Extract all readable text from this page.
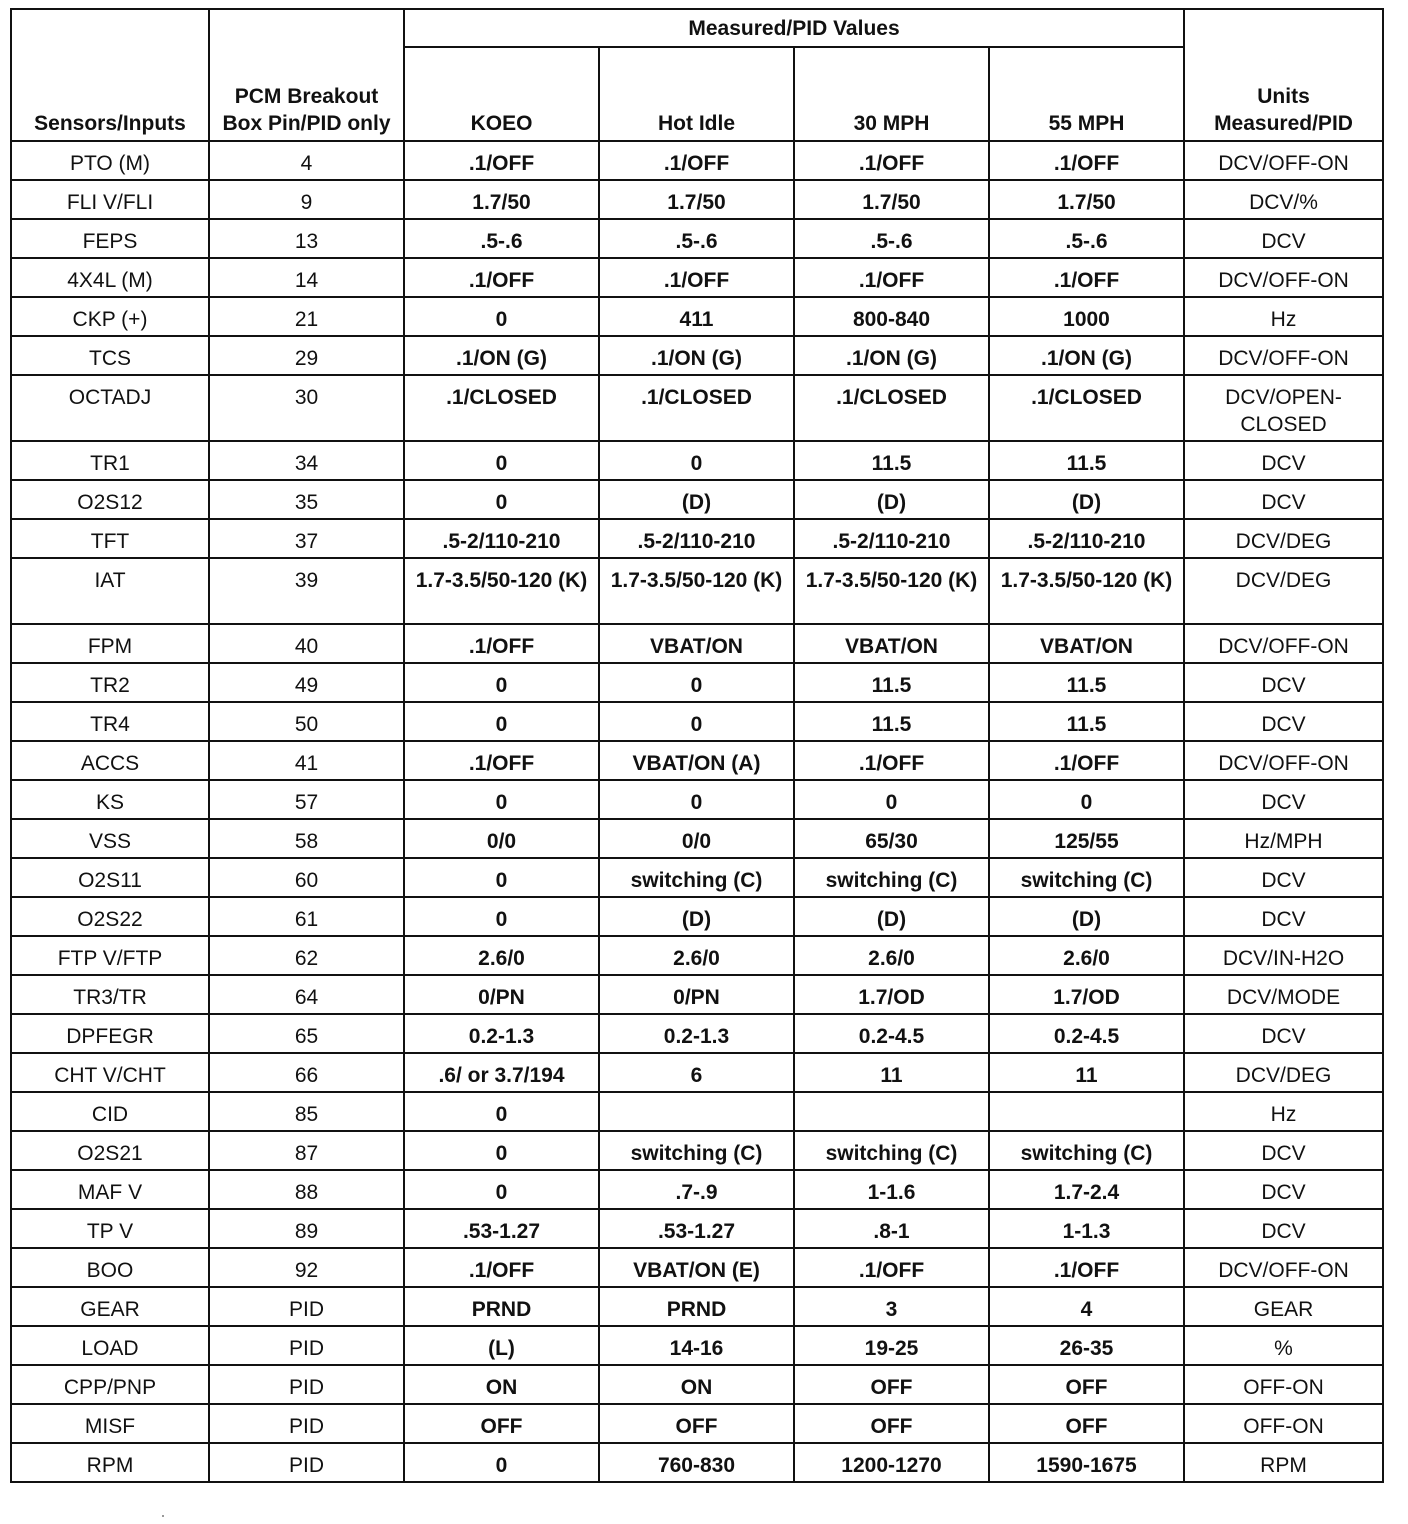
Sensors/Inputs	PCM Breakout Box Pin/PID only	Measured/PID Values				Units Measured/PID
		KOEO	Hot Idle	30 MPH	55 MPH	
PTO (M)	4	.1/OFF	.1/OFF	.1/OFF	.1/OFF	DCV/OFF-ON
FLI V/FLI	9	1.7/50	1.7/50	1.7/50	1.7/50	DCV/%
FEPS	13	.5-.6	.5-.6	.5-.6	.5-.6	DCV
4X4L (M)	14	.1/OFF	.1/OFF	.1/OFF	.1/OFF	DCV/OFF-ON
CKP (+)	21	0	411	800-840	1000	Hz
TCS	29	.1/ON (G)	.1/ON (G)	.1/ON (G)	.1/ON (G)	DCV/OFF-ON
OCTADJ	30	.1/CLOSED	.1/CLOSED	.1/CLOSED	.1/CLOSED	DCV/OPEN-CLOSED
TR1	34	0	0	11.5	11.5	DCV
O2S12	35	0	(D)	(D)	(D)	DCV
TFT	37	.5-2/110-210	.5-2/110-210	.5-2/110-210	.5-2/110-210	DCV/DEG
IAT	39	1.7-3.5/50-120 (K)	1.7-3.5/50-120 (K)	1.7-3.5/50-120 (K)	1.7-3.5/50-120 (K)	DCV/DEG
FPM	40	.1/OFF	VBAT/ON	VBAT/ON	VBAT/ON	DCV/OFF-ON
TR2	49	0	0	11.5	11.5	DCV
TR4	50	0	0	11.5	11.5	DCV
ACCS	41	.1/OFF	VBAT/ON (A)	.1/OFF	.1/OFF	DCV/OFF-ON
KS	57	0	0	0	0	DCV
VSS	58	0/0	0/0	65/30	125/55	Hz/MPH
O2S11	60	0	switching (C)	switching (C)	switching (C)	DCV
O2S22	61	0	(D)	(D)	(D)	DCV
FTP V/FTP	62	2.6/0	2.6/0	2.6/0	2.6/0	DCV/IN-H2O
TR3/TR	64	0/PN	0/PN	1.7/OD	1.7/OD	DCV/MODE
DPFEGR	65	0.2-1.3	0.2-1.3	0.2-4.5	0.2-4.5	DCV
CHT V/CHT	66	.6/ or 3.7/194	6	11	11	DCV/DEG
CID	85	0				Hz
O2S21	87	0	switching (C)	switching (C)	switching (C)	DCV
MAF V	88	0	.7-.9	1-1.6	1.7-2.4	DCV
TP V	89	.53-1.27	.53-1.27	.8-1	1-1.3	DCV
BOO	92	.1/OFF	VBAT/ON (E)	.1/OFF	.1/OFF	DCV/OFF-ON
GEAR	PID	PRND	PRND	3	4	GEAR
LOAD	PID	(L)	14-16	19-25	26-35	%
CPP/PNP	PID	ON	ON	OFF	OFF	OFF-ON
MISF	PID	OFF	OFF	OFF	OFF	OFF-ON
RPM	PID	0	760-830	1200-1270	1590-1675	RPM
